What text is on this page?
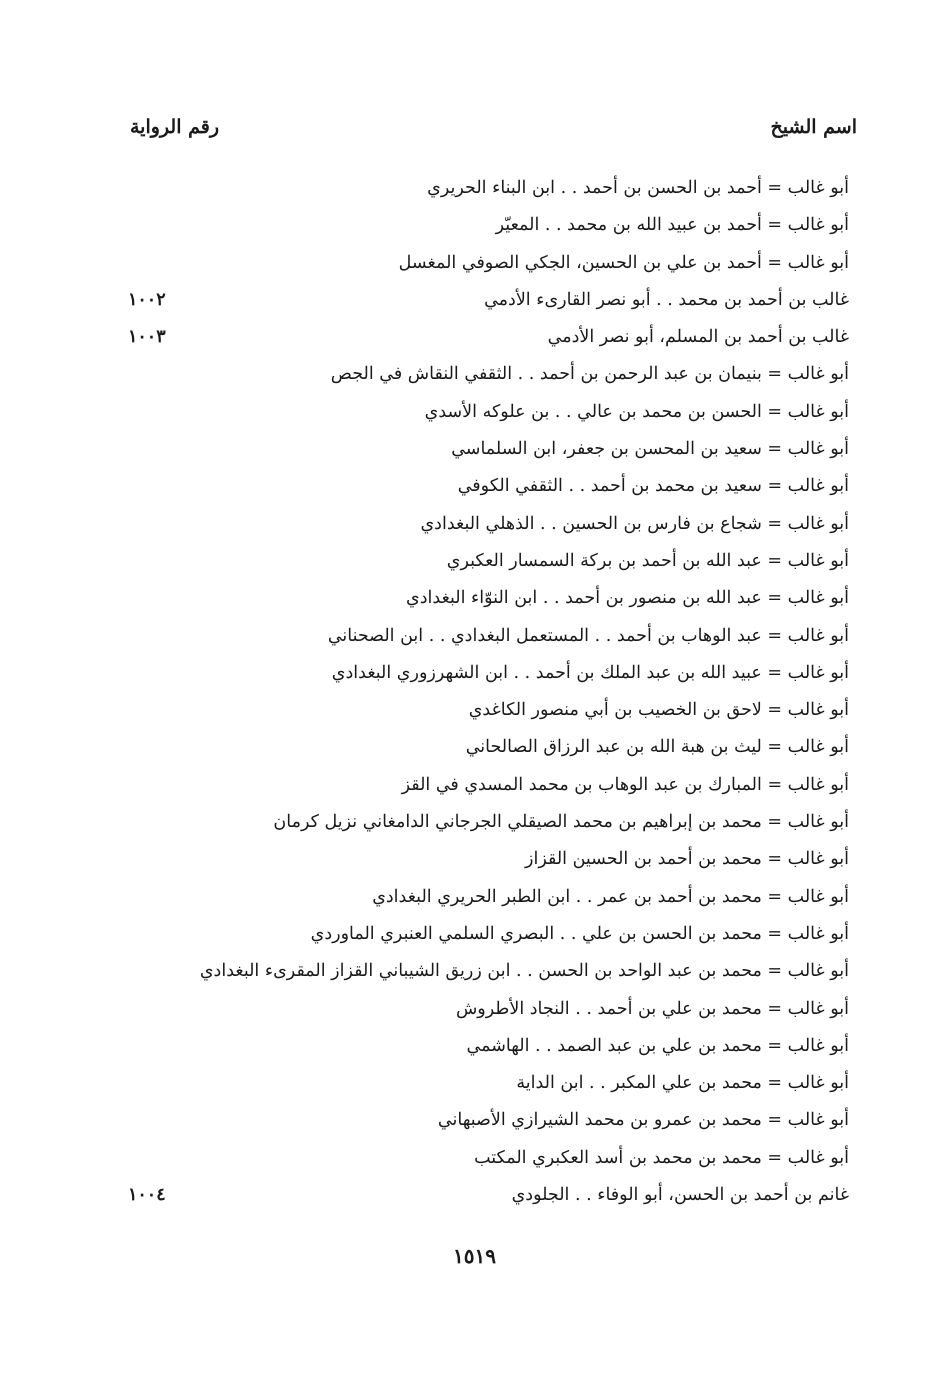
اسم الشيخ
رقم الرواية
أبو غالب = أحمد بن الحسن بن أحمد . . ابن البناء الحريري
أبو غالب = أحمد بن عبيد الله بن محمد . . المعيّر
أبو غالب = أحمد بن علي بن الحسين، الجكي الصوفي المغسل
غالب بن أحمد بن محمد . . أبو نصر القارىء الأدمي
١٠٠٢
غالب بن أحمد بن المسلم، أبو نصر الأدمي
١٠٠٣
أبو غالب = بنيمان بن عبد الرحمن بن أحمد . . الثقفي النقاش في الجص
أبو غالب = الحسن بن محمد بن عالي . . بن علوكه الأسدي
أبو غالب = سعيد بن المحسن بن جعفر، ابن السلماسي
أبو غالب = سعيد بن محمد بن أحمد . . الثقفي الكوفي
أبو غالب = شجاع بن فارس بن الحسين . . الذهلي البغدادي
أبو غالب = عبد الله بن أحمد بن بركة السمسار العكبري
أبو غالب = عبد الله بن منصور بن أحمد . . ابن النوّاء البغدادي
أبو غالب = عبد الوهاب بن أحمد . . المستعمل البغدادي . . ابن الصحناني
أبو غالب = عبيد الله بن عبد الملك بن أحمد . . ابن الشهرزوري البغدادي
أبو غالب = لاحق بن الخصيب بن أبي منصور الكاغدي
أبو غالب = ليث بن هبة الله بن عبد الرزاق الصالحاني
أبو غالب = المبارك بن عبد الوهاب بن محمد المسدي في القز
أبو غالب = محمد بن إبراهيم بن محمد الصيقلي الجرجاني الدامغاني نزيل كرمان
أبو غالب = محمد بن أحمد بن الحسين القزاز
أبو غالب = محمد بن أحمد بن عمر . . ابن الطبر الحريري البغدادي
أبو غالب = محمد بن الحسن بن علي . . البصري السلمي العنبري الماوردي
أبو غالب = محمد بن عبد الواحد بن الحسن . . ابن زريق الشيباني القزاز المقرىء البغدادي
أبو غالب = محمد بن علي بن أحمد . . النجاد الأطروش
أبو غالب = محمد بن علي بن عبد الصمد . . الهاشمي
أبو غالب = محمد بن علي المكبر . . ابن الداية
أبو غالب = محمد بن عمرو بن محمد الشيرازي الأصبهاني
أبو غالب = محمد بن محمد بن أسد العكبري المكتب
غانم بن أحمد بن الحسن، أبو الوفاء . . الجلودي
١٠٠٤
١٥١٩
